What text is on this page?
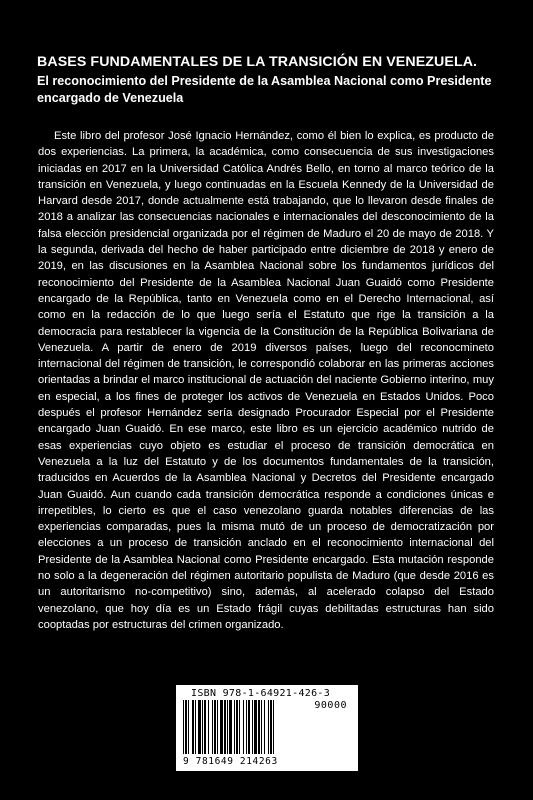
BASES FUNDAMENTALES DE LA TRANSICIÓN EN VENEZUELA.

El reconocimiento del Presidente de la Asamblea Nacional como Presidente encargado de Venezuela

Este libro del profesor José Ignacio Hernández, como él bien lo explica, es producto de dos experiencias. La primera, la académica, como consecuencia de sus investigaciones iniciadas en 2017 en la Universidad Católica Andrés Bello, en torno al marco teórico de la transición en Venezuela, y luego continuadas en la Escuela Kennedy de la Universidad de Harvard desde 2017, donde actualmente está trabajando, que lo llevaron desde finales de 2018 a analizar las consecuencias nacionales e internacionales del desconocimiento de la falsa elección presidencial organizada por el régimen de Maduro el 20 de mayo de 2018. Y la segunda, derivada del hecho de haber participado entre diciembre de 2018 y enero de 2019, en las discusiones en la Asamblea Nacional sobre los fundamentos jurídicos del reconocimiento del Presidente de la Asamblea Nacional Juan Guaidó como Presidente encargado de la República, tanto en Venezuela como en el Derecho Internacional, así como en la redacción de lo que luego sería el Estatuto que rige la transición a la democracia para restablecer la vigencia de la Constitución de la República Bolivariana de Venezuela. A partir de enero de 2019 diversos países, luego del reconocmineto internacional del régimen de transición, le correspondió colaborar en las primeras acciones orientadas a brindar el marco institucional de actuación del naciente Gobierno interino, muy en especial, a los fines de proteger los activos de Venezuela en Estados Unidos. Poco después el profesor Hernández sería designado Procurador Especial por el Presidente encargado Juan Guaidó. En ese marco, este libro es un ejercicio académico nutrido de esas experiencias cuyo objeto es estudiar el proceso de transición democrática en Venezuela a la luz del Estatuto y de los documentos fundamentales de la transición, traducidos en Acuerdos de la Asamblea Nacional y Decretos del Presidente encargado Juan Guaidó. Aun cuando cada transición democrática responde a condiciones únicas e irrepetibles, lo cierto es que el caso venezolano guarda notables diferencias de las experiencias comparadas, pues la misma mutó de un proceso de democratización por elecciones a un proceso de transición anclado en el reconocimiento internacional del Presidente de la Asamblea Nacional como Presidente encargado. Esta mutación responde no solo a la degeneración del régimen autoritario populista de Maduro (que desde 2016 es un autoritarismo no-competitivo) sino, además, al acelerado colapso del Estado venezolano, que hoy día es un Estado frágil cuyas debilitadas estructuras han sido cooptadas por estructuras del crimen organizado.

ISBN 978-1-64921-426-3
90000
9 781649 214263
